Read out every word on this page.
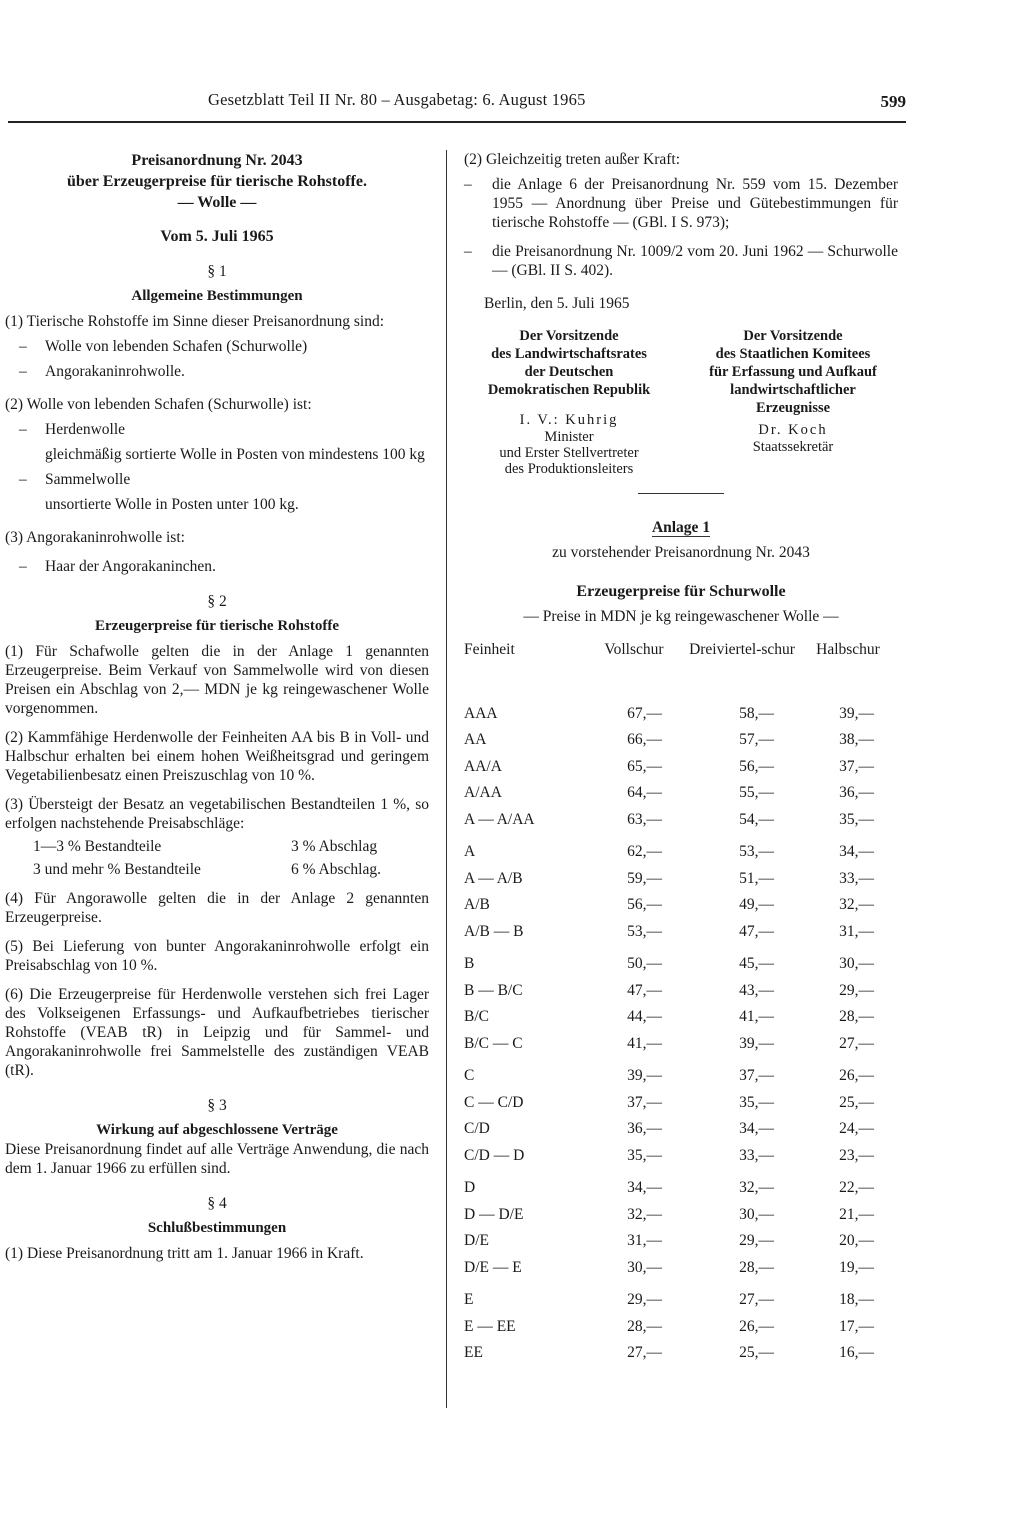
Gesetzblatt Teil II Nr. 80 – Ausgabetag: 6. August 1965	599
Preisanordnung Nr. 2043
über Erzeugerpreise für tierische Rohstoffe.
— Wolle —
Vom 5. Juli 1965
§ 1
Allgemeine Bestimmungen

(1) Tierische Rohstoffe im Sinne dieser Preisanordnung sind:

–	Wolle von lebenden Schafen (Schurwolle)
–	Angorakaninrohwolle.

(2) Wolle von lebenden Schafen (Schurwolle) ist:

–	Herdenwolle

gleichmäßig sortierte Wolle in Posten von mindestens 100 kg

–	Sammelwolle

unsortierte Wolle in Posten unter 100 kg.

(3) Angorakaninrohwolle ist:

–	Haar der Angorakaninchen.
§ 2
Erzeugerpreise für tierische Rohstoffe

(1) Für Schafwolle gelten die in der Anlage 1 genannten Erzeugerpreise. Beim Verkauf von Sammelwolle wird von diesen Preisen ein Abschlag von 2,— MDN je kg reingewaschener Wolle vorgenommen.

(2) Kammfähige Herdenwolle der Feinheiten AA bis B in Voll- und Halbschur erhalten bei einem hohen Weißheitsgrad und geringem Vegetabilienbesatz einen Preiszuschlag von 10 %.

(3) Übersteigt der Besatz an vegetabilischen Bestandteilen 1 %, so erfolgen nachstehende Preisabschläge:

1—3 % Bestandteile	3 % Abschlag
3 und mehr % Bestandteile	6 % Abschlag.

(4) Für Angorawolle gelten die in der Anlage 2 genannten Erzeugerpreise.

(5) Bei Lieferung von bunter Angorakaninrohwolle erfolgt ein Preisabschlag von 10 %.

(6) Die Erzeugerpreise für Herdenwolle verstehen sich frei Lager des Volkseigenen Erfassungs- und Aufkaufbetriebes tierischer Rohstoffe (VEAB tR) in Leipzig und für Sammel- und Angorakaninrohwolle frei Sammelstelle des zuständigen VEAB (tR).

§ 3
Wirkung auf abgeschlossene Verträge

Diese Preisanordnung findet auf alle Verträge Anwendung, die nach dem 1. Januar 1966 zu erfüllen sind.

§ 4
Schlußbestimmungen

(1) Diese Preisanordnung tritt am 1. Januar 1966 in Kraft.

(2) Gleichzeitig treten außer Kraft:

–	die Anlage 6 der Preisanordnung Nr. 559 vom 15. Dezember 1955 — Anordnung über Preise und Gütebestimmungen für tierische Rohstoffe — (GBl. I S. 973);
–	die Preisanordnung Nr. 1009/2 vom 20. Juni 1962 — Schurwolle — (GBl. II S. 402).

Berlin, den 5. Juli 1965

Der Vorsitzende
des Landwirtschaftsrates
der Deutschen
Demokratischen Republik
I. V.: Kuhrig
Minister
und Erster Stellvertreter
des Produktionsleiters
Der Vorsitzende
des Staatlichen Komitees
für Erfassung und Aufkauf
landwirtschaftlicher
Erzeugnisse
Dr. Koch
Staatssekretär
Anlage 1
zu vorstehender Preisanordnung Nr. 2043
Erzeugerpreise für Schurwolle
— Preise in MDN je kg reingewaschener Wolle —
Feinheit	Vollschur	Dreiviertel-schur	Halbschur
AAA	67,—	58,—	39,—
AA	66,—	57,—	38,—
AA/A	65,—	56,—	37,—
A/AA	64,—	55,—	36,—
A — A/AA	63,—	54,—	35,—
A	62,—	53,—	34,—
A — A/B	59,—	51,—	33,—
A/B	56,—	49,—	32,—
A/B — B	53,—	47,—	31,—
B	50,—	45,—	30,—
B — B/C	47,—	43,—	29,—
B/C	44,—	41,—	28,—
B/C — C	41,—	39,—	27,—
C	39,—	37,—	26,—
C — C/D	37,—	35,—	25,—
C/D	36,—	34,—	24,—
C/D — D	35,—	33,—	23,—
D	34,—	32,—	22,—
D — D/E	32,—	30,—	21,—
D/E	31,—	29,—	20,—
D/E — E	30,—	28,—	19,—
E	29,—	27,—	18,—
E — EE	28,—	26,—	17,—
EE	27,—	25,—	16,—
